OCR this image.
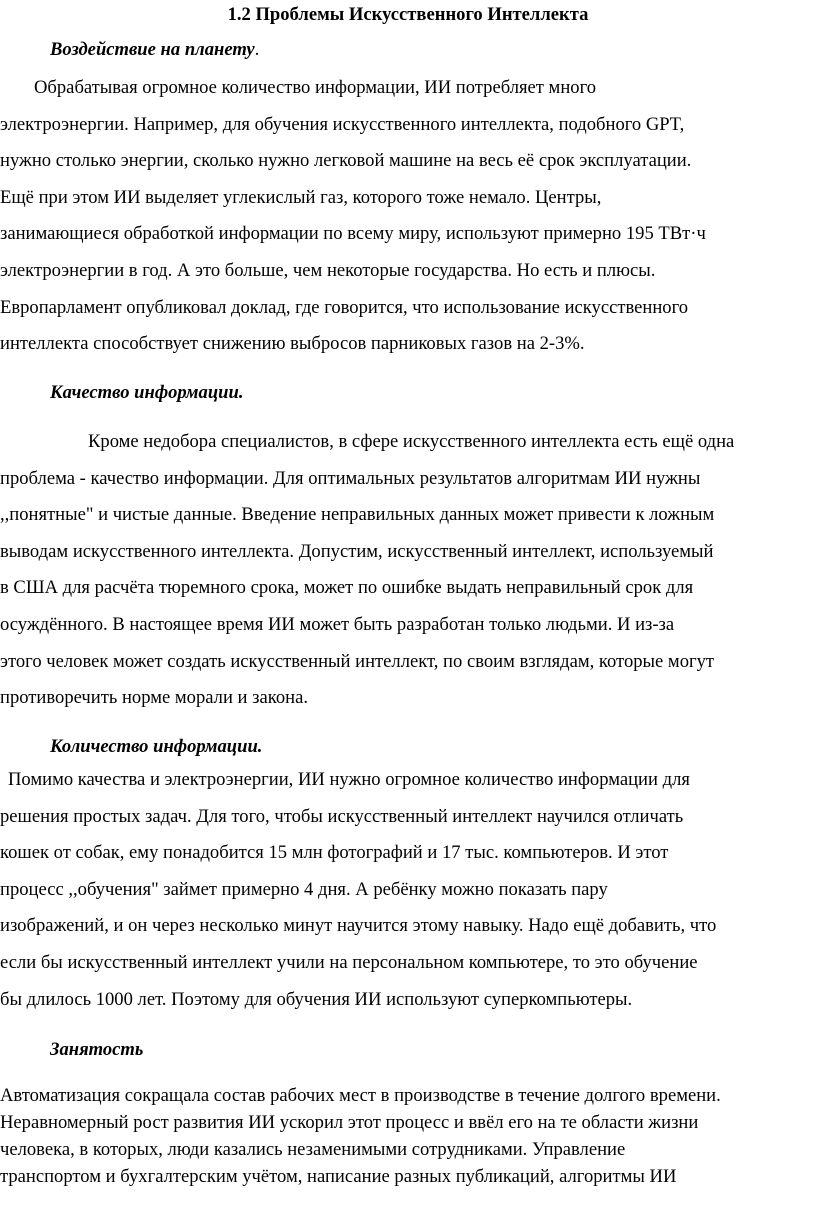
1.2 Проблемы Искусственного Интеллекта
Воздействие на планету.
Обрабатывая огромное количество информации, ИИ потребляет много
электроэнергии. Например, для обучения искусственного интеллекта, подобного GPT,
нужно столько энергии, сколько нужно легковой машине на весь её срок эксплуатации.
Ещё при этом ИИ выделяет углекислый газ, которого тоже немало. Центры,
занимающиеся обработкой информации по всему миру, используют примерно 195 ТВт·ч
электроэнергии в год. А это больше, чем некоторые государства. Но есть и плюсы.
Европарламент опубликовал доклад, где говорится, что использование искусственного
интеллекта способствует снижению выбросов парниковых газов на 2-3%.
Качество информации.
Кроме недобора специалистов, в сфере искусственного интеллекта есть ещё одна
проблема - качество информации. Для оптимальных результатов алгоритмам ИИ нужны
,,понятные" и чистые данные. Введение неправильных данных может привести к ложным
выводам искусственного интеллекта. Допустим, искусственный интеллект, используемый
в США для расчёта тюремного срока, может по ошибке выдать неправильный срок для
осуждённого. В настоящее время ИИ может быть разработан только людьми. И из-за
этого человек может создать искусственный интеллект, по своим взглядам, которые могут
противоречить норме морали и закона.
Количество информации.
Помимо качества и электроэнергии, ИИ нужно огромное количество информации для
решения простых задач. Для того, чтобы искусственный интеллект научился отличать
кошек от собак, ему понадобится 15 млн фотографий и 17 тыс. компьютеров. И этот
процесс ,,обучения" займет примерно 4 дня. А ребёнку можно показать пару
изображений, и он через несколько минут научится этому навыку. Надо ещё добавить, что
если бы искусственный интеллект учили на персональном компьютере, то это обучение
бы длилось 1000 лет. Поэтому для обучения ИИ используют суперкомпьютеры.
Занятость
Автоматизация сокращала состав рабочих мест в производстве в течение долгого времени.
Неравномерный рост развития ИИ ускорил этот процесс и ввёл его на те области жизни
человека, в которых, люди казались незаменимыми сотрудниками. Управление
транспортом и бухгалтерским учётом, написание разных публикаций, алгоритмы ИИ
